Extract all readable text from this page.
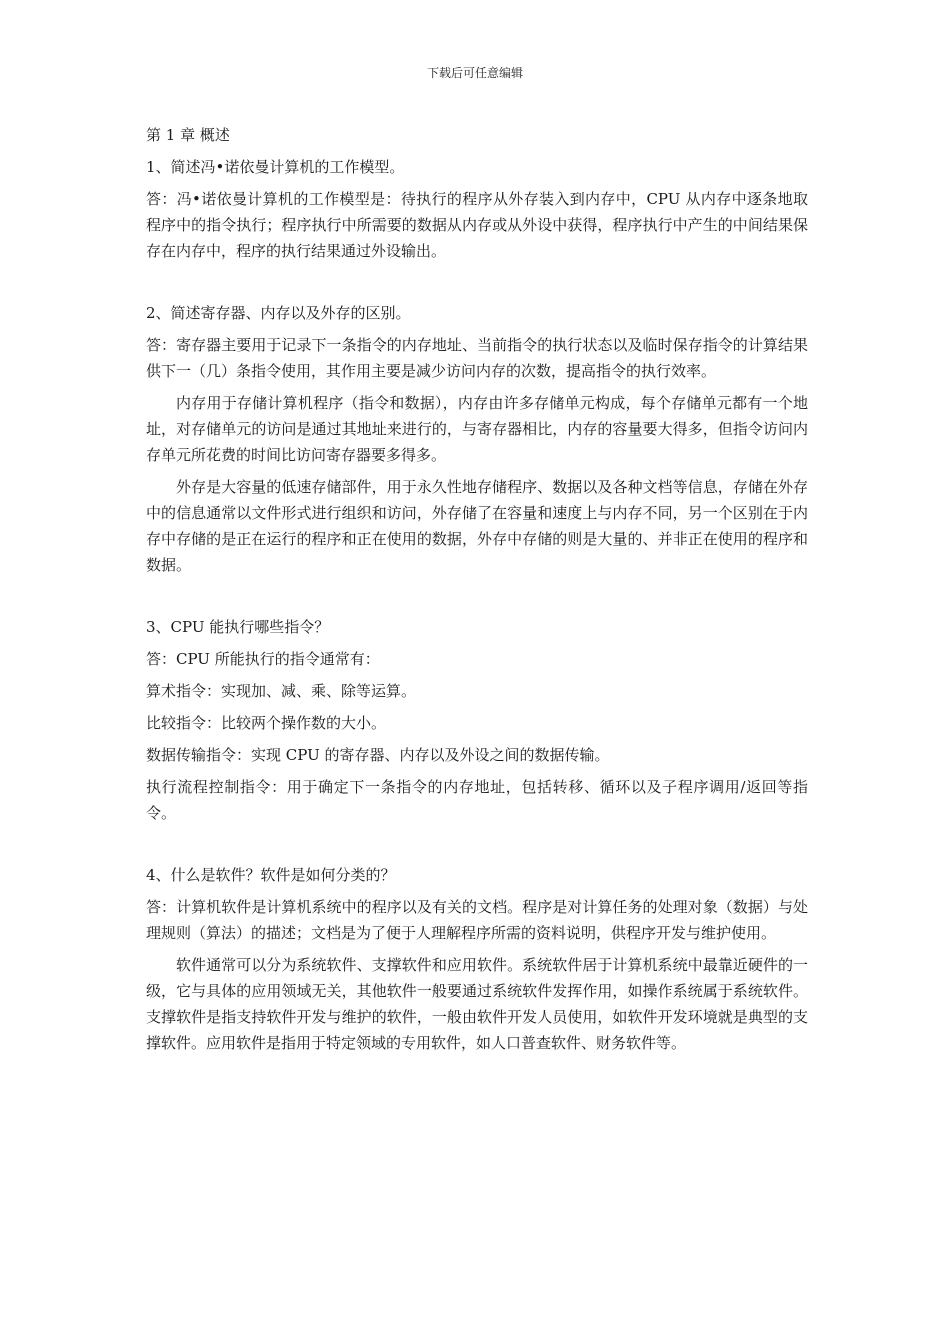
下载后可任意编辑

第 1 章 概述

1、简述冯•诺依曼计算机的工作模型。

答：冯•诺依曼计算机的工作模型是：待执行的程序从外存装入到内存中，CPU 从内存中逐条地取程序中的指令执行；程序执行中所需要的数据从内存或从外设中获得，程序执行中产生的中间结果保存在内存中，程序的执行结果通过外设输出。

2、简述寄存器、内存以及外存的区别。

答：寄存器主要用于记录下一条指令的内存地址、当前指令的执行状态以及临时保存指令的计算结果供下一（几）条指令使用，其作用主要是减少访问内存的次数，提高指令的执行效率。

内存用于存储计算机程序（指令和数据），内存由许多存储单元构成，每个存储单元都有一个地址，对存储单元的访问是通过其地址来进行的，与寄存器相比，内存的容量要大得多，但指令访问内存单元所花费的时间比访问寄存器要多得多。

外存是大容量的低速存储部件，用于永久性地存储程序、数据以及各种文档等信息，存储在外存中的信息通常以文件形式进行组织和访问，外存储了在容量和速度上与内存不同，另一个区别在于内存中存储的是正在运行的程序和正在使用的数据，外存中存储的则是大量的、并非正在使用的程序和数据。

3、CPU 能执行哪些指令？

答：CPU 所能执行的指令通常有：

算术指令：实现加、减、乘、除等运算。

比较指令：比较两个操作数的大小。

数据传输指令：实现 CPU 的寄存器、内存以及外设之间的数据传输。

执行流程控制指令：用于确定下一条指令的内存地址，包括转移、循环以及子程序调用/返回等指令。

4、什么是软件？软件是如何分类的？

答：计算机软件是计算机系统中的程序以及有关的文档。程序是对计算任务的处理对象（数据）与处理规则（算法）的描述；文档是为了便于人理解程序所需的资料说明，供程序开发与维护使用。

软件通常可以分为系统软件、支撑软件和应用软件。系统软件居于计算机系统中最靠近硬件的一级，它与具体的应用领域无关，其他软件一般要通过系统软件发挥作用，如操作系统属于系统软件。支撑软件是指支持软件开发与维护的软件，一般由软件开发人员使用，如软件开发环境就是典型的支撑软件。应用软件是指用于特定领域的专用软件，如人口普查软件、财务软件等。
